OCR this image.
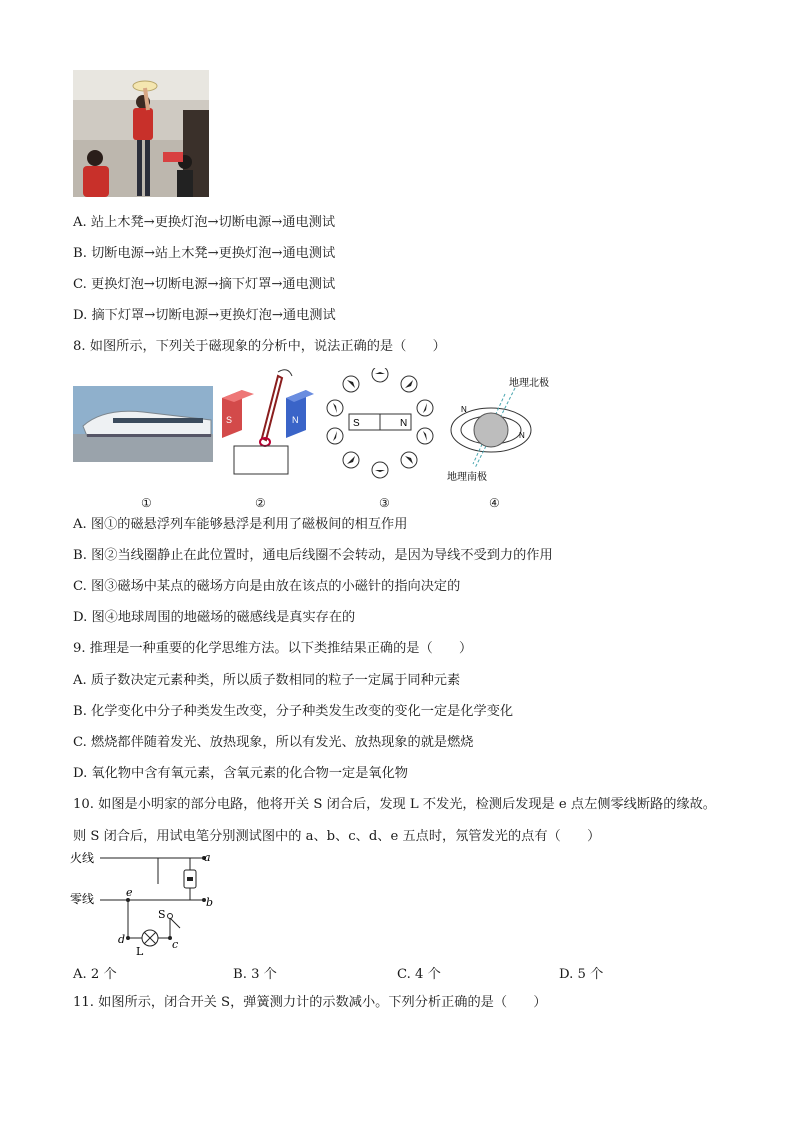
A. 站上木凳→更换灯泡→切断电源→通电测试
B. 切断电源→站上木凳→更换灯泡→通电测试
C. 更换灯泡→切断电源→摘下灯罩→通电测试
D. 摘下灯罩→切断电源→更换灯泡→通电测试
8. 如图所示，下列关于磁现象的分析中，说法正确的是（　　）
S	N	S	N
地理北极
地理南极
N
N
①	②	③	④
A. 图①的磁悬浮列车能够悬浮是利用了磁极间的相互作用
B. 图②当线圈静止在此位置时，通电后线圈不会转动，是因为导线不受到力的作用
C. 图③磁场中某点的磁场方向是由放在该点的小磁针的指向决定的
D. 图④地球周围的地磁场的磁感线是真实存在的
9. 推理是一种重要的化学思维方法。以下类推结果正确的是（　　）
A. 质子数决定元素种类，所以质子数相同的粒子一定属于同种元素
B. 化学变化中分子种类发生改变，分子种类发生改变的变化一定是化学变化
C. 燃烧都伴随着发光、放热现象，所以有发光、放热现象的就是燃烧
D. 氧化物中含有氧元素，含氧元素的化合物一定是氧化物
10. 如图是小明家的部分电路，他将开关 S 闭合后，发现 L 不发光，检测后发现是 e 点左侧零线断路的缘故。
则 S 闭合后，用试电笔分别测试图中的 a、b、c、d、e 五点时，氖管发光的点有（　　）
火线
零线
a
b
c
d
e
S
L
A. 2 个	B. 3 个	C. 4 个	D. 5 个
11. 如图所示，闭合开关 S，弹簧测力计的示数减小。下列分析正确的是（　　）
